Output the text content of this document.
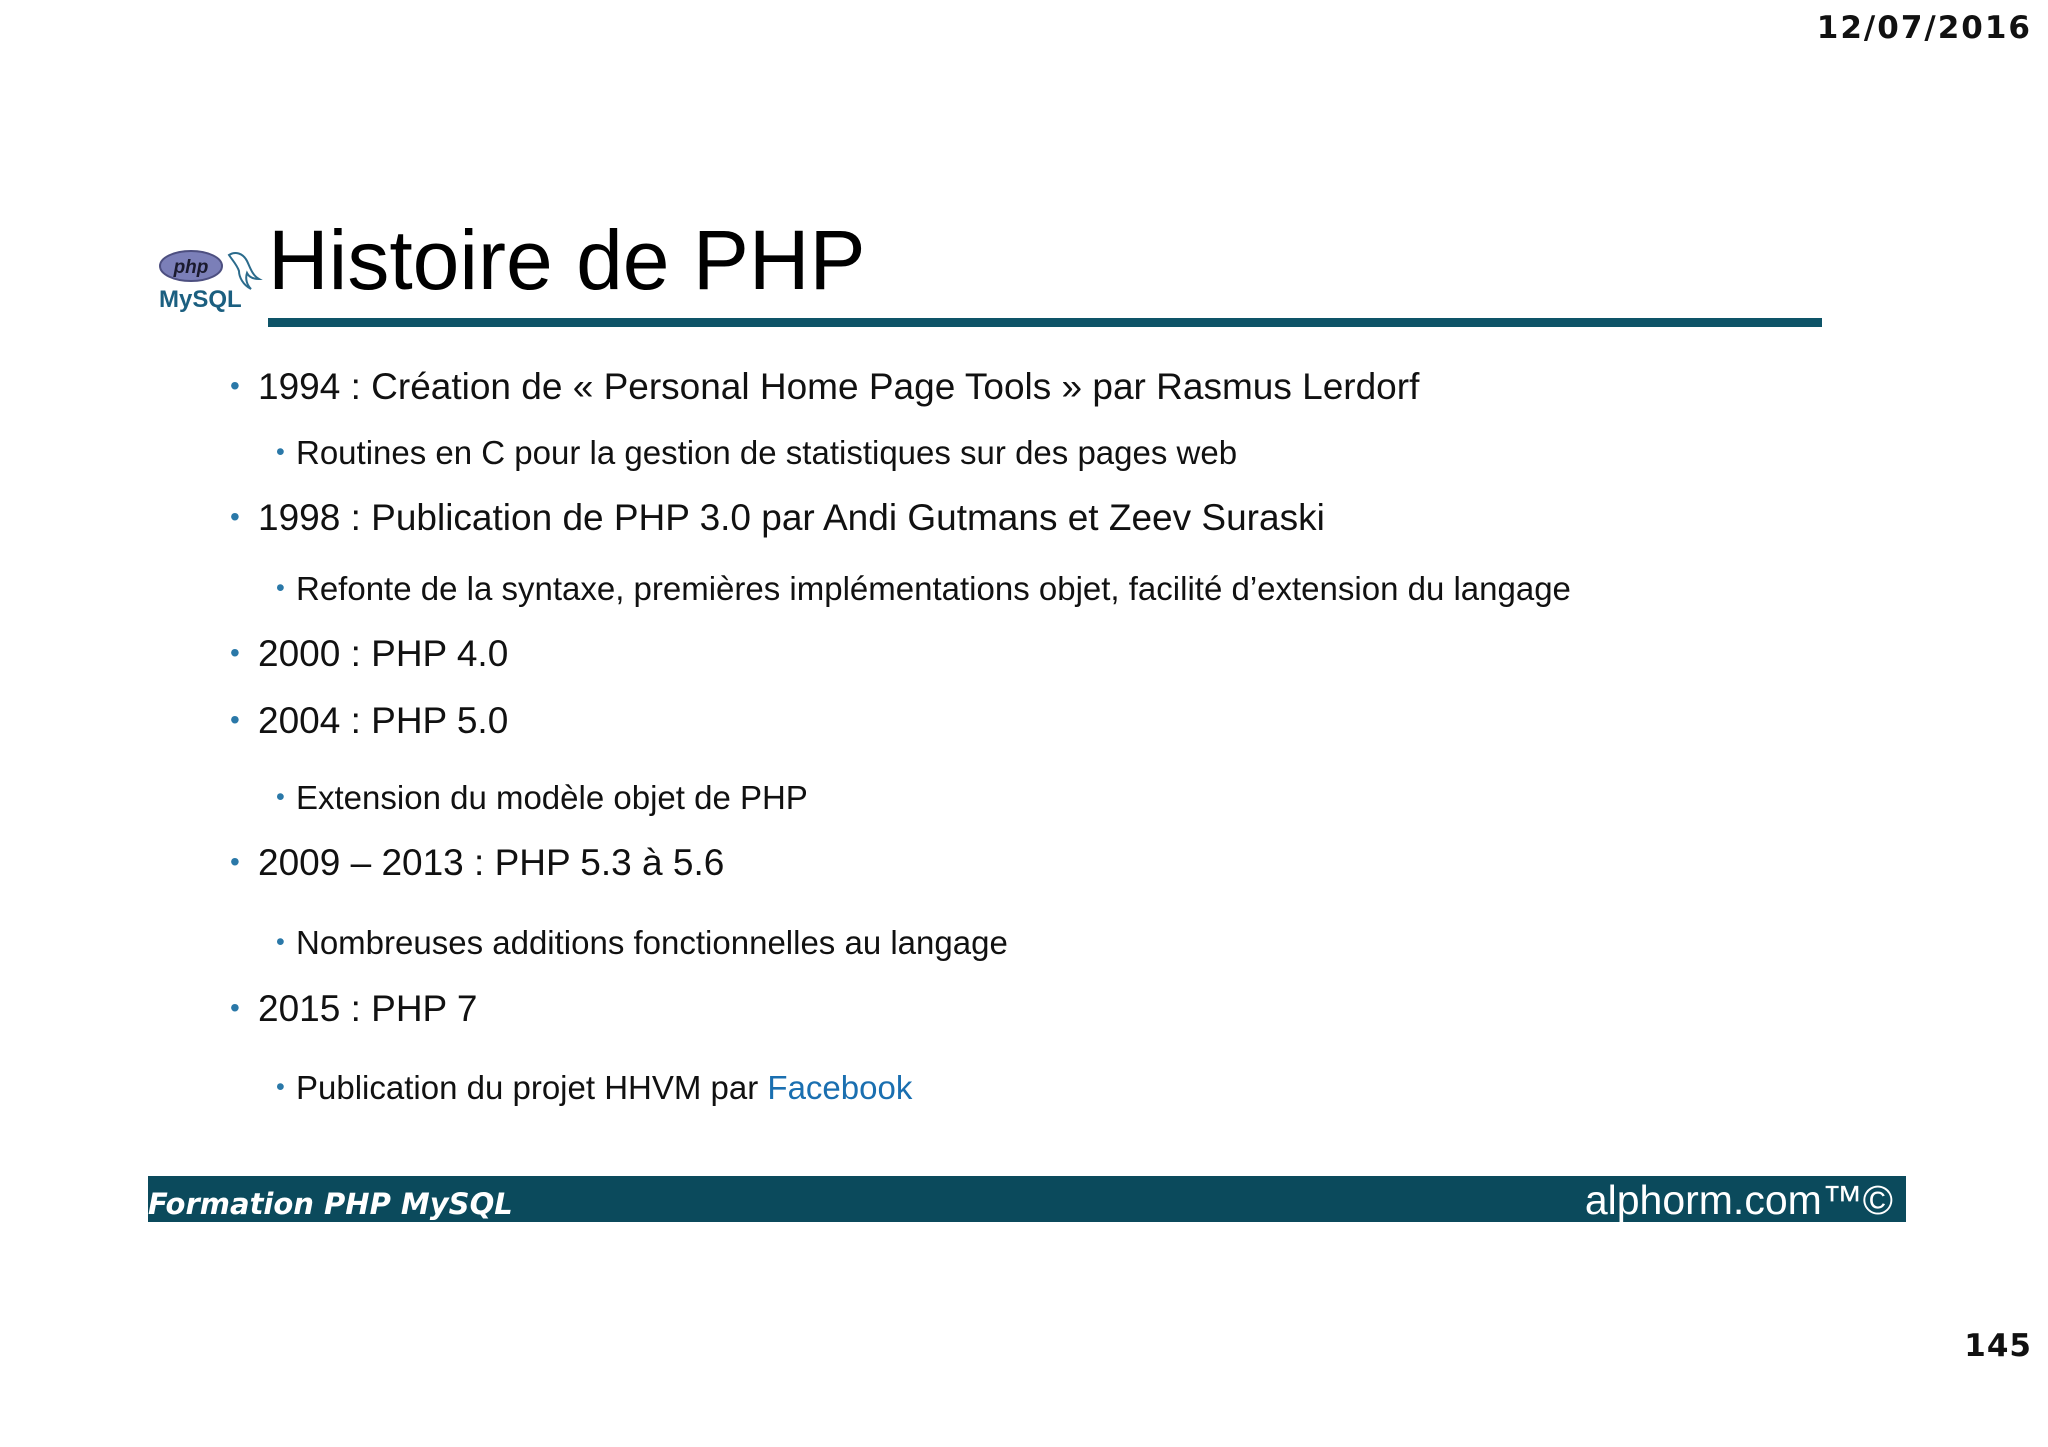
12/07/2016
php
MySQL Histoire de PHP
• 1994 : Création de « Personal Home Page Tools » par Rasmus Lerdorf
• Routines en C pour la gestion de statistiques sur des pages web
• 1998 : Publication de PHP 3.0 par Andi Gutmans et Zeev Suraski
• Refonte de la syntaxe, premières implémentations objet, facilité d’extension du langage
• 2000 : PHP 4.0
• 2004 : PHP 5.0
• Extension du modèle objet de PHP
• 2009 – 2013 : PHP 5.3 à 5.6
• Nombreuses additions fonctionnelles au langage
• 2015 : PHP 7
• Publication du projet HHVM par Facebook
Formation PHP MySQL	alphorm.com™©
145
